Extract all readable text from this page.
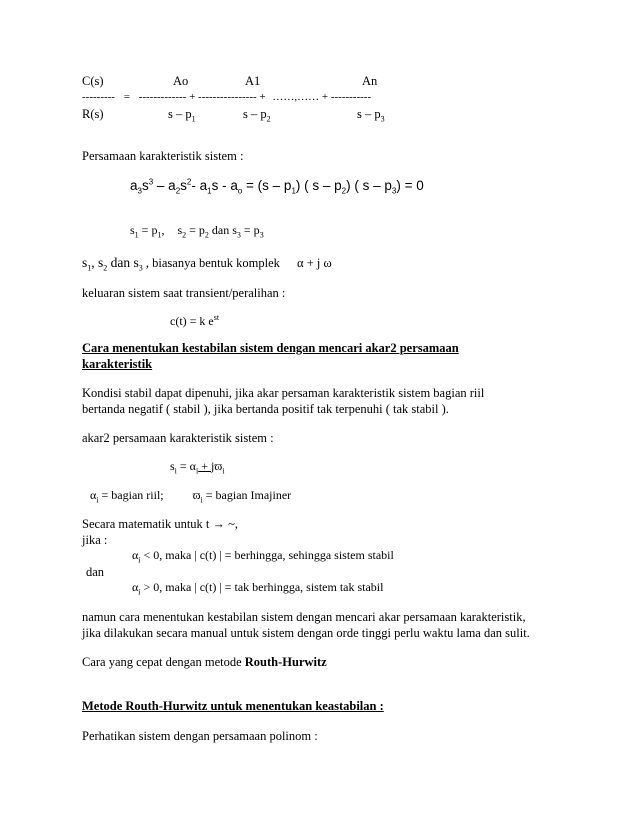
C(s)	Ao	A1	An
--------- = ------------- + ---------------- + ……,…… + -----------
R(s)	s – $p_1$	s – $p_2$	s – $p_3$
Persamaan karakteristik sistem :
$a_3s^3 - a_2s^2-$ $a_1s - a_o = (s - p_1)$ ( s – $p_2$) ( $s - p_3) = 0$
$s_1 = p_1$, $s_2 = p_2$ dan $s_3 = p_3$
$s_1$, $s_2$ dan $s_3$ , biasanya bentuk komplek α + j ω
keluaran sistem saat transient/peralihan :
c(t) = k $e^{st}$
Cara menentukan kestabilan sistem dengan mencari akar2 persamaan
karakteristik
Kondisi stabil dapat dipenuhi, jika akar persaman karakteristik sistem bagian riil
bertanda negatif ( stabil ), jika bertanda positif tak terpenuhi ( tak stabil ).
akar2 persamaan karakteristik sistem :
$s_i = \alpha_i + jϖ_i$
$\alpha_i$ = bagian riil; $ϖ_i$ = bagian Imajiner
Secara matematik untuk t → ~,
jika :
$\alpha_i < 0$, maka | c(t) | = berhingga, sehingga sistem stabil
dan
$\alpha_i > 0$, maka | c(t) | = tak berhingga, sistem tak stabil
namun cara menentukan kestabilan sistem dengan mencari akar persamaan karakteristik,
jika dilakukan secara manual untuk sistem dengan orde tinggi perlu waktu lama dan sulit.
Cara yang cepat dengan metode Routh-Hurwitz
Metode Routh-Hurwitz untuk menentukan keastabilan :
Perhatikan sistem dengan persamaan polinom :
